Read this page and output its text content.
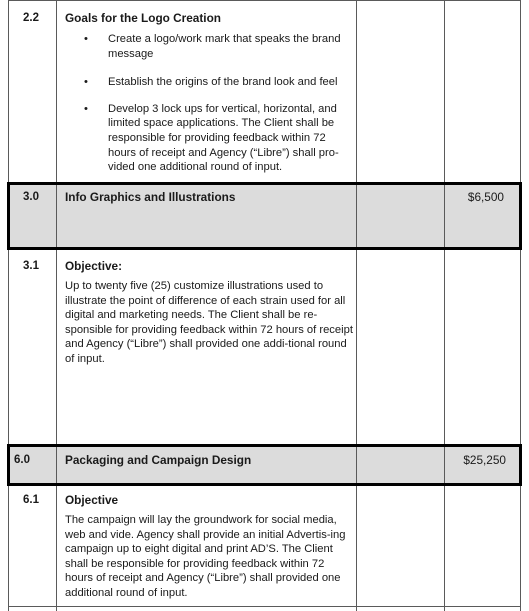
2.2 Goals for the Logo Creation
• Create a logo/work mark that speaks the brand message
• Establish the origins of the brand look and feel
• Develop 3 lock ups for vertical, horizontal, and limited space applications. The Client shall be responsible for providing feedback within 72 hours of receipt and Agency (“Libre”) shall pro-vided one additional round of input.
3.0 Info Graphics and Illustrations	$6,500
3.1 Objective:
Up to twenty five (25) customize illustrations used to illustrate the point of difference of each strain used for all digital and marketing needs. The Client shall be re-sponsible for providing feedback within 72 hours of receipt and Agency (“Libre”) shall provided one addi-tional round of input.
6.0	Packaging and Campaign Design	$25,250
6.1 Objective
The campaign will lay the groundwork for social media, web and vide. Agency shall provide an initial Advertis-ing campaign up to eight digital and print AD’S. The Client shall be responsible for providing feedback within 72 hours of receipt and Agency (“Libre”) shall provided one additional round of input.
